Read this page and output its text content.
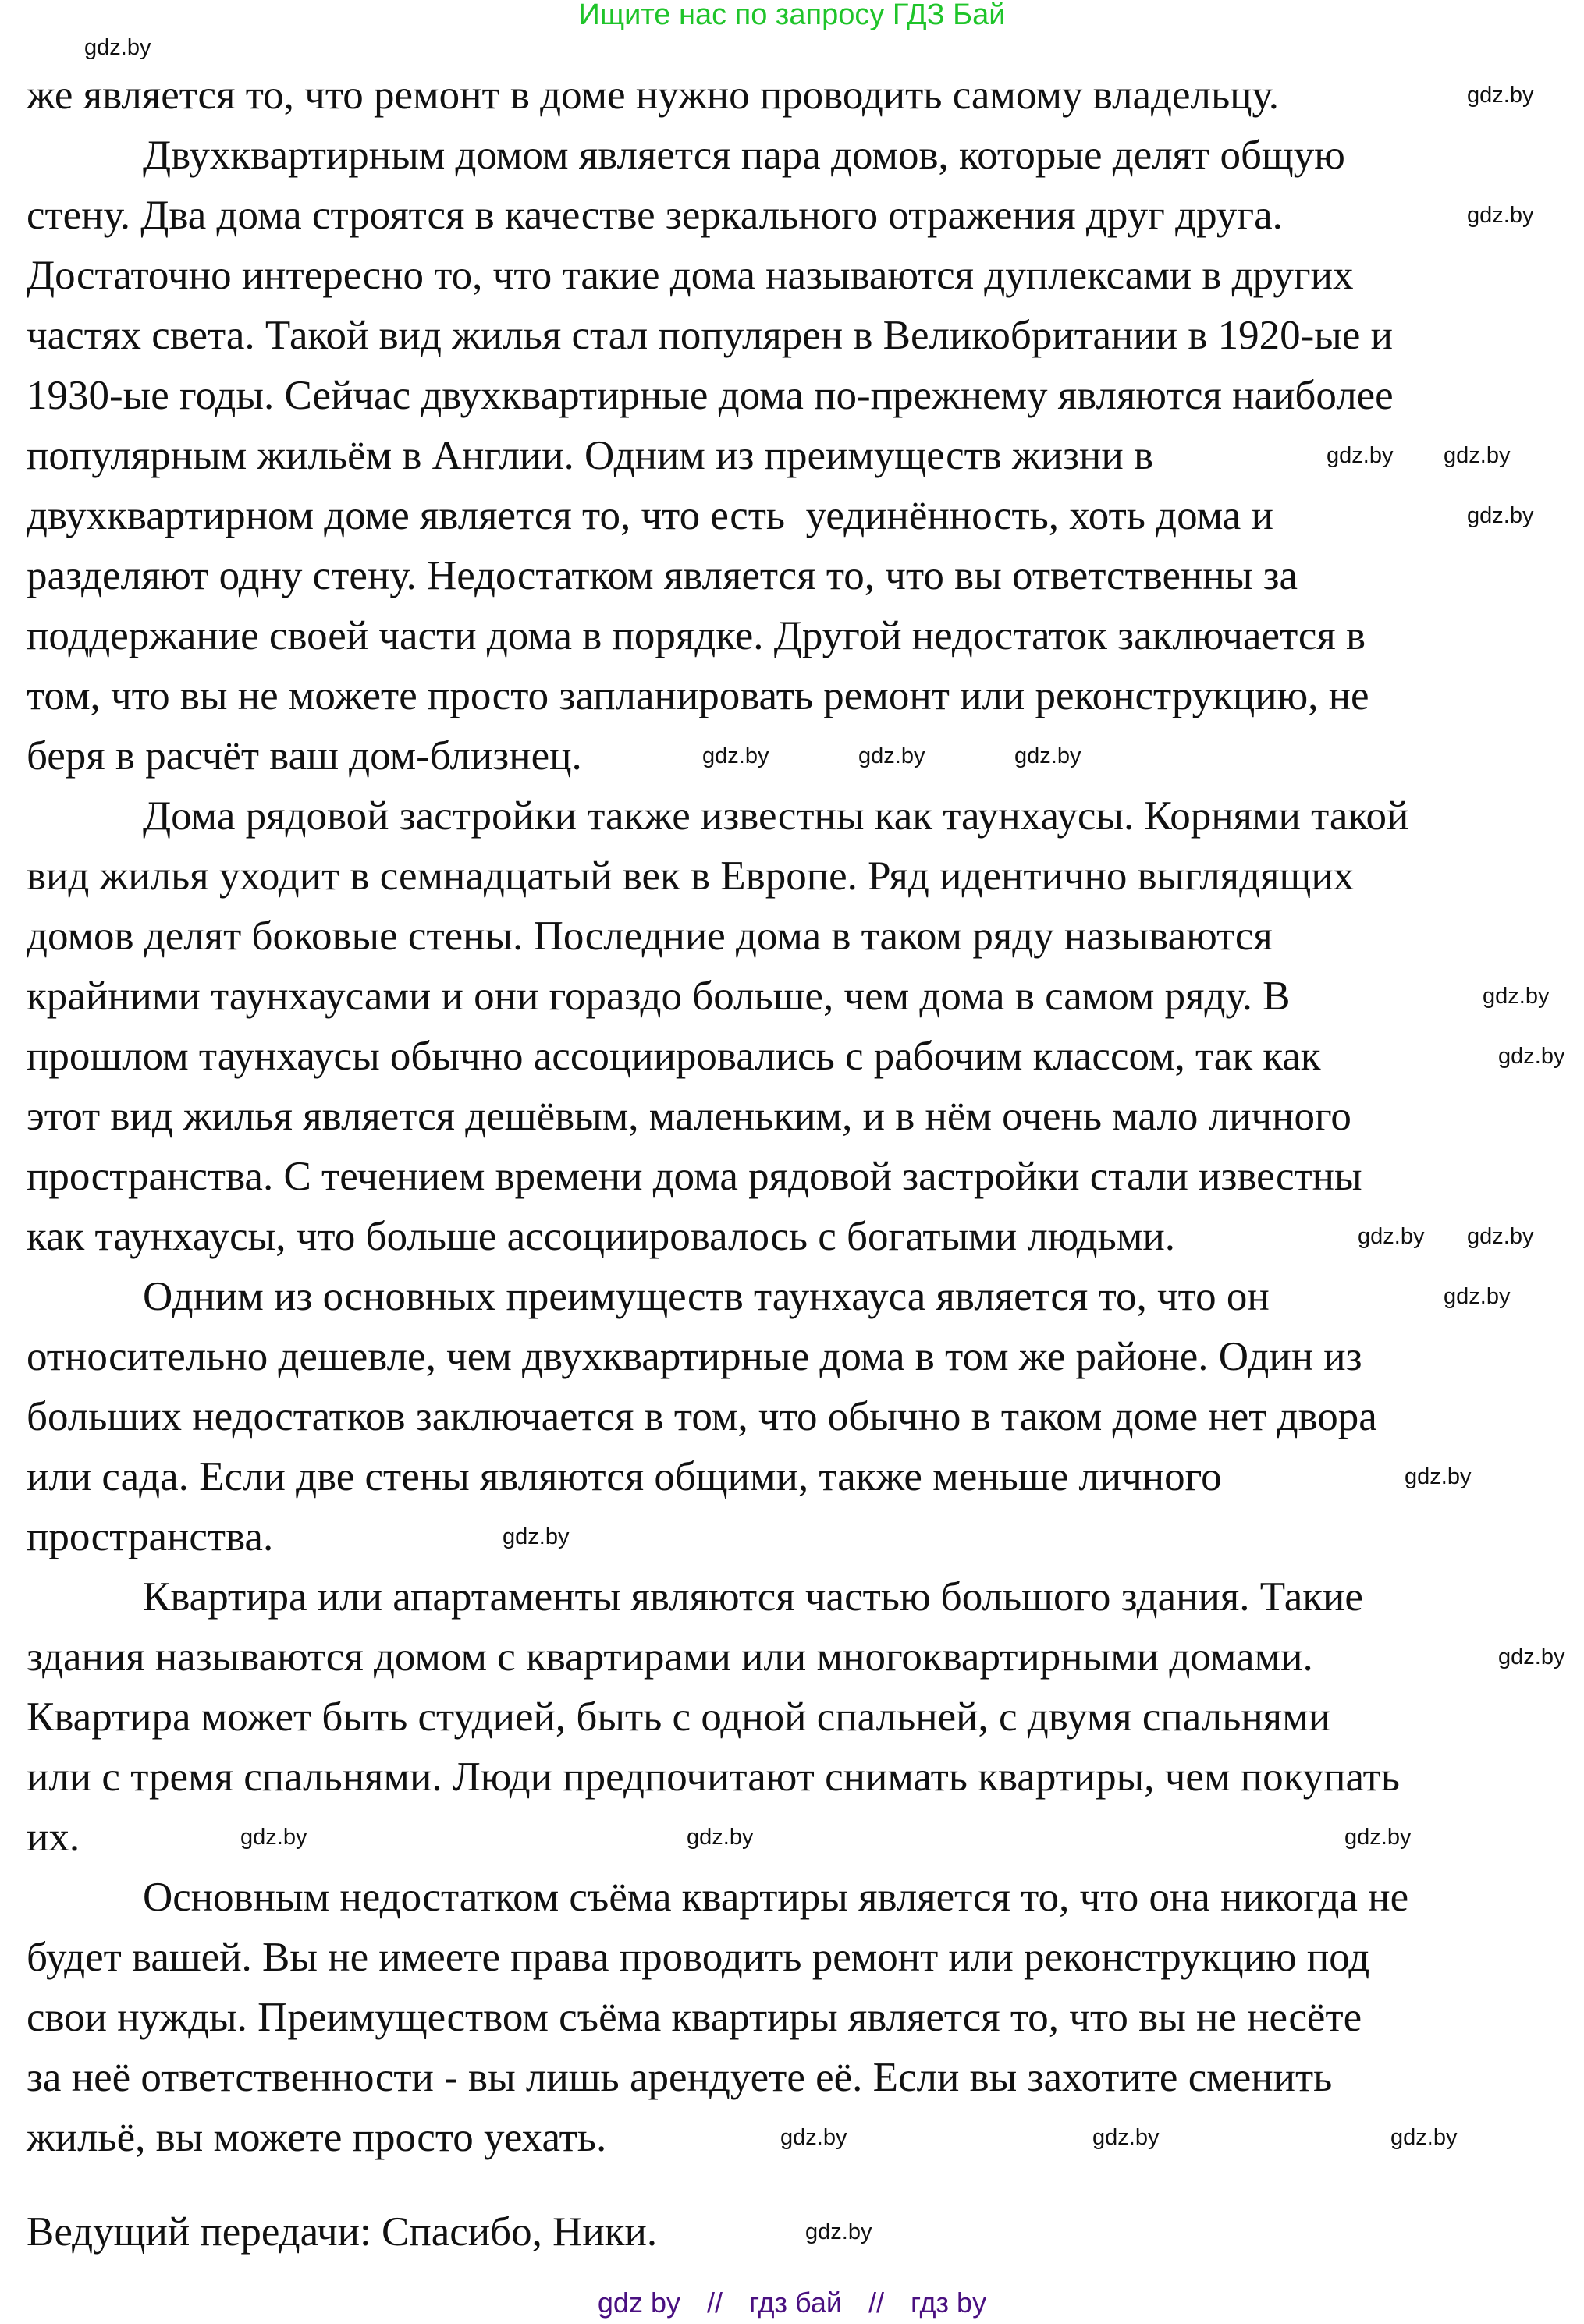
Ищите нас по запросу ГДЗ Бай
же является то, что ремонт в доме нужно проводить самому владельцу.
Двухквартирным домом является пара домов, которые делят общую
стену. Два дома строятся в качестве зеркального отражения друг друга.
Достаточно интересно то, что такие дома называются дуплексами в других
частях света. Такой вид жилья стал популярен в Великобритании в 1920-ые и
1930-ые годы. Сейчас двухквартирные дома по-прежнему являются наиболее
популярным жильём в Англии. Одним из преимуществ жизни в
двухквартирном доме является то, что есть  уединённость, хоть дома и
разделяют одну стену. Недостатком является то, что вы ответственны за
поддержание своей части дома в порядке. Другой недостаток заключается в
том, что вы не можете просто запланировать ремонт или реконструкцию, не
беря в расчёт ваш дом-близнец.
Дома рядовой застройки также известны как таунхаусы. Корнями такой
вид жилья уходит в семнадцатый век в Европе. Ряд идентично выглядящих
домов делят боковые стены. Последние дома в таком ряду называются
крайними таунхаусами и они гораздо больше, чем дома в самом ряду. В
прошлом таунхаусы обычно ассоциировались с рабочим классом, так как
этот вид жилья является дешёвым, маленьким, и в нём очень мало личного
пространства. С течением времени дома рядовой застройки стали известны
как таунхаусы, что больше ассоциировалось с богатыми людьми.
Одним из основных преимуществ таунхауса является то, что он
относительно дешевле, чем двухквартирные дома в том же районе. Один из
больших недостатков заключается в том, что обычно в таком доме нет двора
или сада. Если две стены являются общими, также меньше личного
пространства.
Квартира или апартаменты являются частью большого здания. Такие
здания называются домом с квартирами или многоквартирными домами.
Квартира может быть студией, быть с одной спальней, с двумя спальнями
или с тремя спальнями. Люди предпочитают снимать квартиры, чем покупать
их.
Основным недостатком съёма квартиры является то, что она никогда не
будет вашей. Вы не имеете права проводить ремонт или реконструкцию под
свои нужды. Преимуществом съёма квартиры является то, что вы не несёте
за неё ответственности - вы лишь арендуете её. Если вы захотите сменить
жильё, вы можете просто уехать.
Ведущий передачи: Спасибо, Ники.
gdz.by
gdz.by
gdz.by
gdz.by gdz.by
gdz.by
gdz.by	gdz.by	gdz.by
gdz.by
gdz.by
gdz.by gdz.by
gdz.by
gdz.by
gdz.by
gdz.by
gdz.by
gdz.by	gdz.by
gdz.by
gdz.by	gdz.by
gdz.by
gdz by // гдз бай // гдз by
